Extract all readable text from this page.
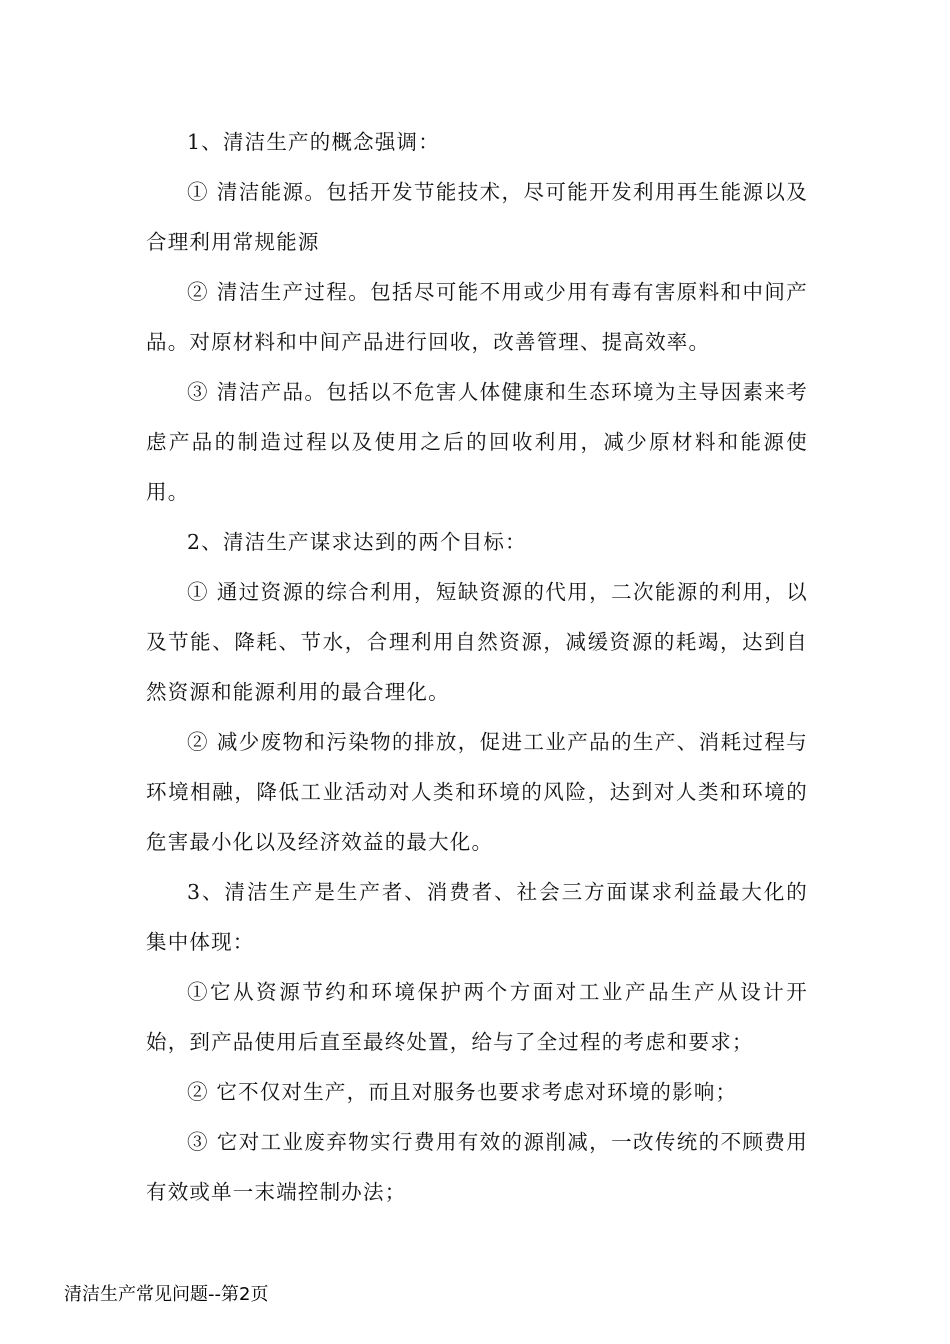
1、清洁生产的概念强调：

① 清洁能源。包括开发节能技术，尽可能开发利用再生能源以及合理利用常规能源

② 清洁生产过程。包括尽可能不用或少用有毒有害原料和中间产品。对原材料和中间产品进行回收，改善管理、提高效率。

③ 清洁产品。包括以不危害人体健康和生态环境为主导因素来考虑产品的制造过程以及使用之后的回收利用，减少原材料和能源使用。

2、清洁生产谋求达到的两个目标：

① 通过资源的综合利用，短缺资源的代用，二次能源的利用，以及节能、降耗、节水，合理利用自然资源，减缓资源的耗竭，达到自然资源和能源利用的最合理化。

② 减少废物和污染物的排放，促进工业产品的生产、消耗过程与环境相融，降低工业活动对人类和环境的风险，达到对人类和环境的危害最小化以及经济效益的最大化。

3、清洁生产是生产者、消费者、社会三方面谋求利益最大化的集中体现：

①它从资源节约和环境保护两个方面对工业产品生产从设计开始，到产品使用后直至最终处置，给与了全过程的考虑和要求；

② 它不仅对生产，而且对服务也要求考虑对环境的影响；

③ 它对工业废弃物实行费用有效的源削减，一改传统的不顾费用有效或单一末端控制办法；

清洁生产常见问题--第2页
